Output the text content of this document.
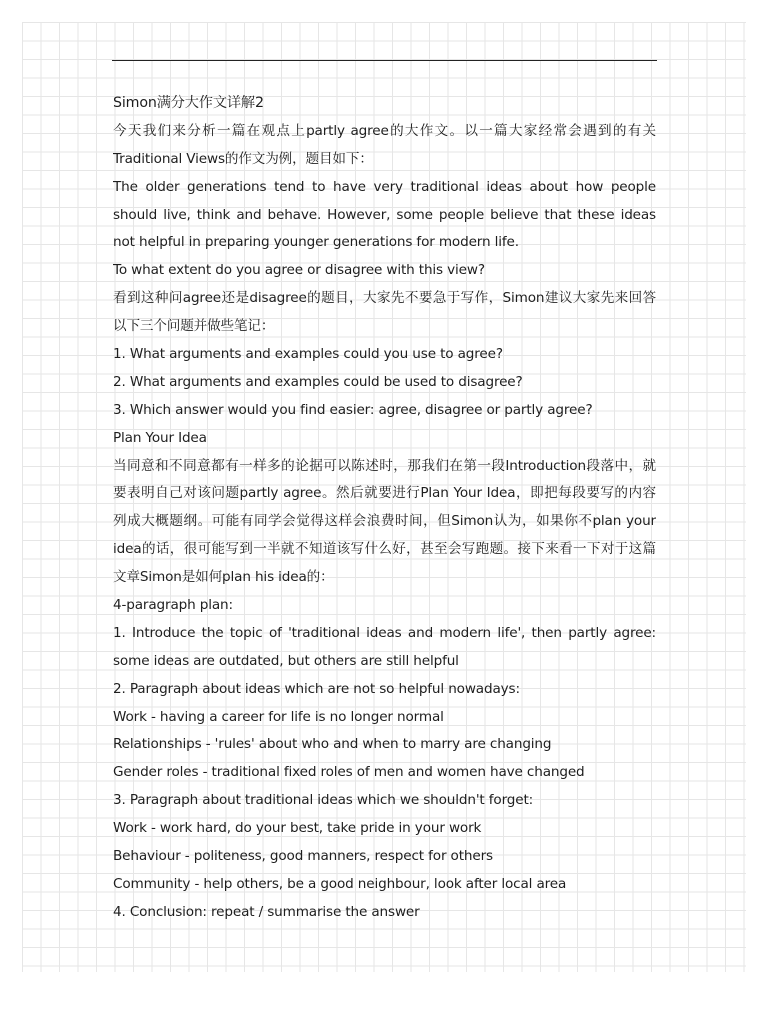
Simon满分大作文详解2
今天我们来分析一篇在观点上partly agree的大作文。以一篇大家经常会遇到的有关
Traditional Views的作文为例，题目如下：
The older generations tend to have very traditional ideas about how people
should live, think and behave. However, some people believe that these ideas
not helpful in preparing younger generations for modern life.
To what extent do you agree or disagree with this view?
看到这种问agree还是disagree的题目，大家先不要急于写作，Simon建议大家先来回答
以下三个问题并做些笔记：
1. What arguments and examples could you use to agree?
2. What arguments and examples could be used to disagree?
3. Which answer would you find easier: agree, disagree or partly agree?
Plan Your Idea
当同意和不同意都有一样多的论据可以陈述时，那我们在第一段Introduction段落中，就
要表明自己对该问题partly agree。然后就要进行Plan Your Idea，即把每段要写的内容
列成大概题纲。可能有同学会觉得这样会浪费时间，但Simon认为，如果你不plan your
idea的话，很可能写到一半就不知道该写什么好，甚至会写跑题。接下来看一下对于这篇
文章Simon是如何plan his idea的：
4-paragraph plan:
1. Introduce the topic of 'traditional ideas and modern life', then partly agree:
some ideas are outdated, but others are still helpful
2. Paragraph about ideas which are not so helpful nowadays:
Work - having a career for life is no longer normal
Relationships - 'rules' about who and when to marry are changing
Gender roles - traditional fixed roles of men and women have changed
3. Paragraph about traditional ideas which we shouldn't forget:
Work - work hard, do your best, take pride in your work
Behaviour - politeness, good manners, respect for others
Community - help others, be a good neighbour, look after local area
4. Conclusion: repeat / summarise the answer
